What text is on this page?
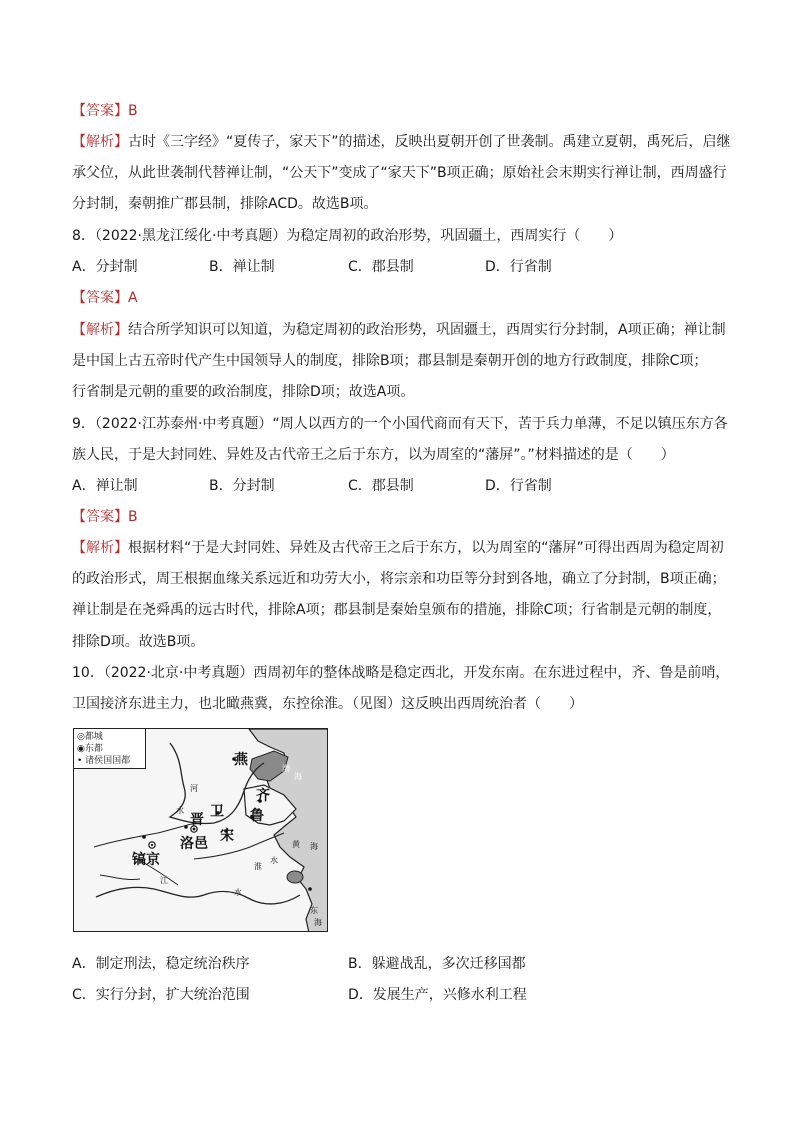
【答案】B
【解析】古时《三字经》“夏传子，家天下”的描述，反映出夏朝开创了世袭制。禹建立夏朝，禹死后，启继
承父位，从此世袭制代替禅让制，“公天下”变成了“家天下”B项正确；原始社会末期实行禅让制，西周盛行
分封制，秦朝推广郡县制，排除ACD。故选B项。
8．（2022·黑龙江绥化·中考真题）为稳定周初的政治形势，巩固疆土，西周实行（　　）
A．分封制	B．禅让制	C．郡县制	D．行省制
【答案】A
【解析】结合所学知识可以知道，为稳定周初的政治形势，巩固疆土，西周实行分封制，A项正确；禅让制
是中国上古五帝时代产生中国领导人的制度，排除B项；郡县制是秦朝开创的地方行政制度，排除C项；
行省制是元朝的重要的政治制度，排除D项；故选A项。
9．（2022·江苏泰州·中考真题）“周人以西方的一个小国代商而有天下，苦于兵力单薄，不足以镇压东方各
族人民，于是大封同姓、异姓及古代帝王之后于东方，以为周室的“藩屏”。”材料描述的是（　　）
A．禅让制	B．分封制	C．郡县制	D．行省制
【答案】B
【解析】根据材料“于是大封同姓、异姓及古代帝王之后于东方，以为周室的“藩屏”可得出西周为稳定周初
的政治形式，周王根据血缘关系远近和功劳大小，将宗亲和功臣等分封到各地，确立了分封制，B项正确；
禅让制是在尧舜禹的远古时代，排除A项；郡县制是秦始皇颁布的措施，排除C项；行省制是元朝的制度，
排除D项。故选B项。
10．（2022·北京·中考真题）西周初年的整体战略是稳定西北，开发东南。在东进过程中，齐、鲁是前哨，
卫国接济东进主力，也北瞰燕冀，东控徐淮。（见图）这反映出西周统治者（　　）
◎都城
◉东都
• 诸侯国国都	燕
齐
鲁
卫
晋
宋
洛邑
镐京
渤
海
黄 海
东
海
河
水
淮
水
江
水
A．制定刑法，稳定统治秩序	B．躲避战乱，多次迁移国都
C．实行分封，扩大统治范围	D．发展生产，兴修水利工程
